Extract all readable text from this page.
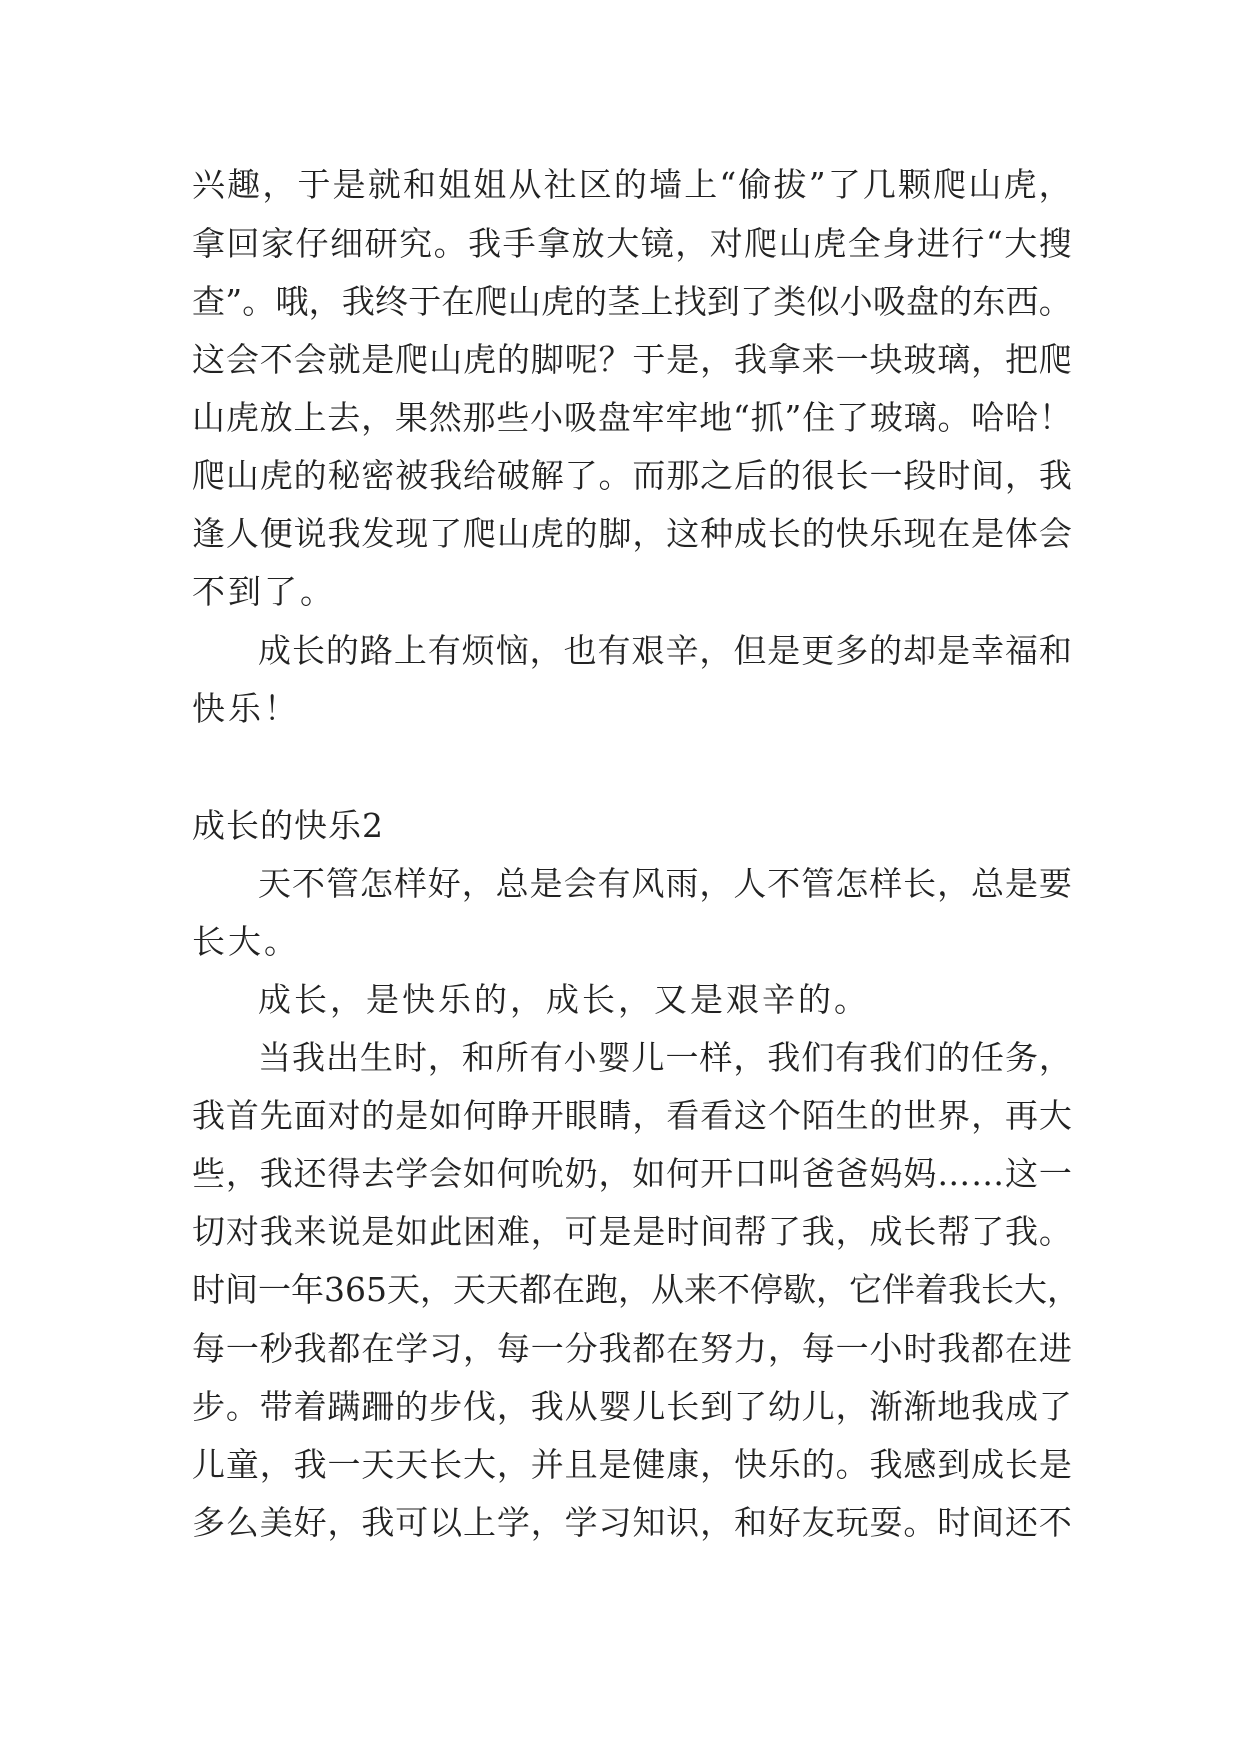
兴 趣 ， 于 是 就 和 姐 姐 从 社 区 的 墙 上 “ 偷 拔 ” 了 几 颗 爬 山 虎 ，
拿 回 家 仔 细 研 究 。 我 手 拿 放 大 镜 ， 对 爬 山 虎 全 身 进 行 “ 大 搜
查 ” 。 哦 ， 我 终 于 在 爬 山 虎 的 茎 上 找 到 了 类 似 小 吸 盘 的 东 西 。
这 会 不 会 就 是 爬 山 虎 的 脚 呢 ？ 于 是 ， 我 拿 来 一 块 玻 璃 ， 把 爬
山 虎 放 上 去 ， 果 然 那 些 小 吸 盘 牢 牢 地 “ 抓 ” 住 了 玻 璃 。 哈 哈 ！
爬 山 虎 的 秘 密 被 我 给 破 解 了 。 而 那 之 后 的 很 长 一 段 时 间 ， 我
逢 人 便 说 我 发 现 了 爬 山 虎 的 脚 ， 这 种 成 长 的 快 乐 现 在 是 体 会
不到了。
成 长 的 路 上 有 烦 恼 ， 也 有 艰 辛 ， 但 是 更 多 的 却 是 幸 福 和
快乐！
成长的快乐2
天 不 管 怎 样 好 ， 总 是 会 有 风 雨 ， 人 不 管 怎 样 长 ， 总 是 要
长大。
成长，是快乐的，成长，又是艰辛的。
当 我 出 生 时 ， 和 所 有 小 婴 儿 一 样 ， 我 们 有 我 们 的 任 务 ，
我 首 先 面 对 的 是 如 何 睁 开 眼 睛 ， 看 看 这 个 陌 生 的 世 界 ， 再 大
些 ， 我 还 得 去 学 会 如 何 吮 奶 ， 如 何 开 口 叫 爸 爸 妈 妈 … … 这 一
切 对 我 来 说 是 如 此 困 难 ， 可 是 是 时 间 帮 了 我 ， 成 长 帮 了 我 。
时 间 一 年 365 天 ， 天 天 都 在 跑 ， 从 来 不 停 歇 ， 它 伴 着 我 长 大 ，
每 一 秒 我 都 在 学 习 ， 每 一 分 我 都 在 努 力 ， 每 一 小 时 我 都 在 进
步 。 带 着 蹒 跚 的 步 伐 ， 我 从 婴 儿 长 到 了 幼 儿 ， 渐 渐 地 我 成 了
儿 童 ， 我 一 天 天 长 大 ， 并 且 是 健 康 ， 快 乐 的 。 我 感 到 成 长 是
多 么 美 好 ， 我 可 以 上 学 ， 学 习 知 识 ， 和 好 友 玩 耍 。 时 间 还 不
